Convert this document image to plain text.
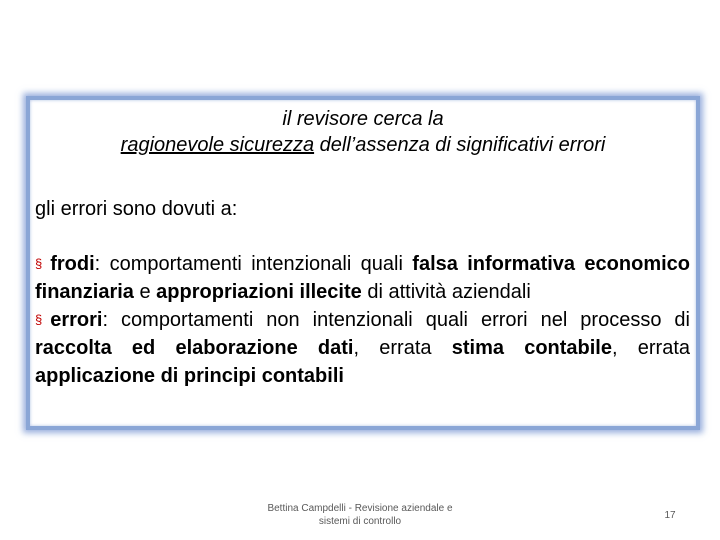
il revisore cerca la
ragionevole sicurezza dell’assenza di significativi errori
gli errori sono dovuti a:

§ frodi: comportamenti intenzionali quali falsa informativa economico finanziaria e appropriazioni illecite di attività aziendali

§ errori: comportamenti non intenzionali quali errori nel processo di raccolta ed elaborazione dati, errata stima contabile, errata applicazione di principi contabili

Bettina Campdelli - Revisione aziendale e
sistemi di controllo
17
